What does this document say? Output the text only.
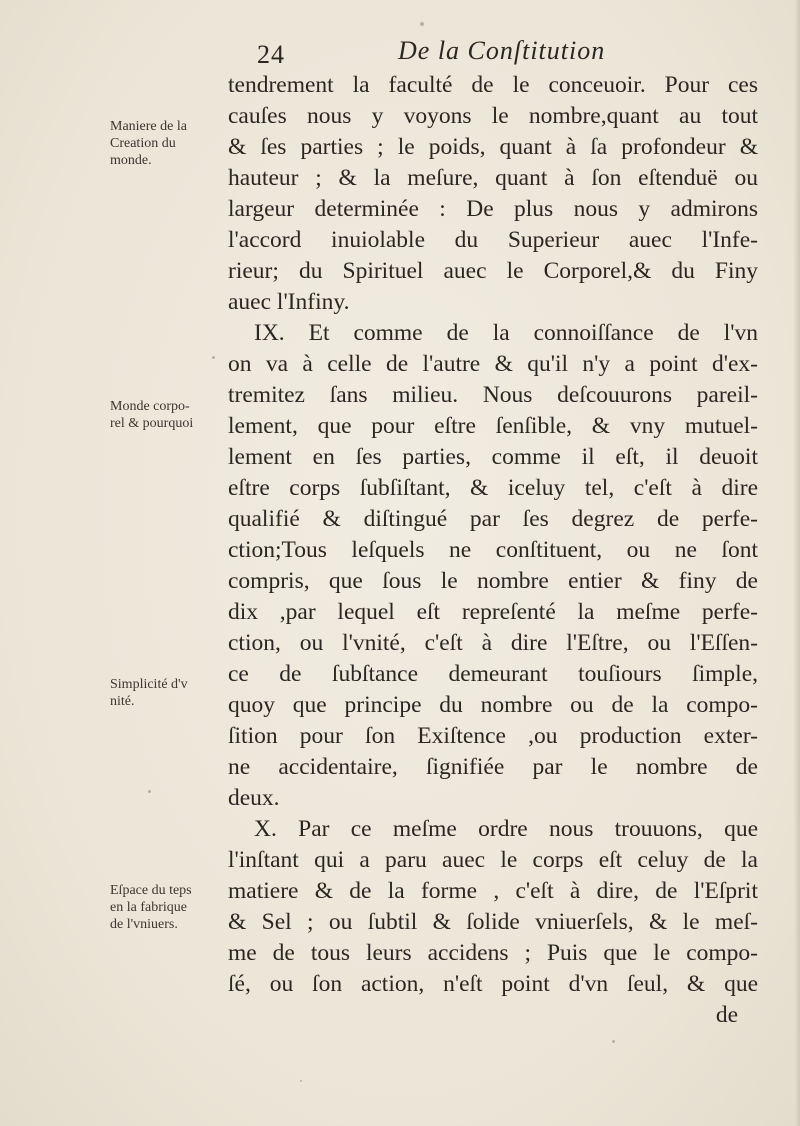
24	De la Conſtitution
tendrement la faculté de le conceuoir. Pour ces
cauſes nous y voyons le nombre,quant au tout
& ſes parties ; le poids, quant à ſa profondeur &
hauteur ; & la meſure, quant à ſon eſtenduë ou
largeur determinée : De plus nous y admirons
l'accord inuiolable du Superieur auec l'Infe-
rieur; du Spirituel auec le Corporel,& du Finy
auec l'Infiny.
IX. Et comme de la connoiſſance de l'vn
on va à celle de l'autre & qu'il n'y a point d'ex-
tremitez ſans milieu. Nous deſcouurons pareil-
lement, que pour eſtre ſenſible, & vny mutuel-
lement en ſes parties, comme il eſt, il deuoit
eſtre corps ſubſiſtant, & iceluy tel, c'eſt à dire
qualifié & diſtingué par ſes degrez de perfe-
ction;Tous leſquels ne conſtituent, ou ne ſont
compris, que ſous le nombre entier & finy de
dix ,par lequel eſt repreſenté la meſme perfe-
ction, ou l'vnité, c'eſt à dire l'Eſtre, ou l'Eſſen-
ce de ſubſtance demeurant touſiours ſimple,
quoy que principe du nombre ou de la compo-
ſition pour ſon Exiſtence ,ou production exter-
ne accidentaire, ſignifiée par le nombre de
deux.
X. Par ce meſme ordre nous trouuons, que
l'inſtant qui a paru auec le corps eſt celuy de la
matiere & de la forme , c'eſt à dire, de l'Eſprit
& Sel ; ou ſubtil & ſolide vniuerſels, & le meſ-
me de tous leurs accidens ; Puis que le compo-
ſé, ou ſon action, n'eſt point d'vn ſeul, & que
de
Maniere de la
Creation du
monde.
Monde corpo-
rel & pourquoi
Simplicité d'v
nité.
Eſpace du teps
en la fabrique
de l'vniuers.
